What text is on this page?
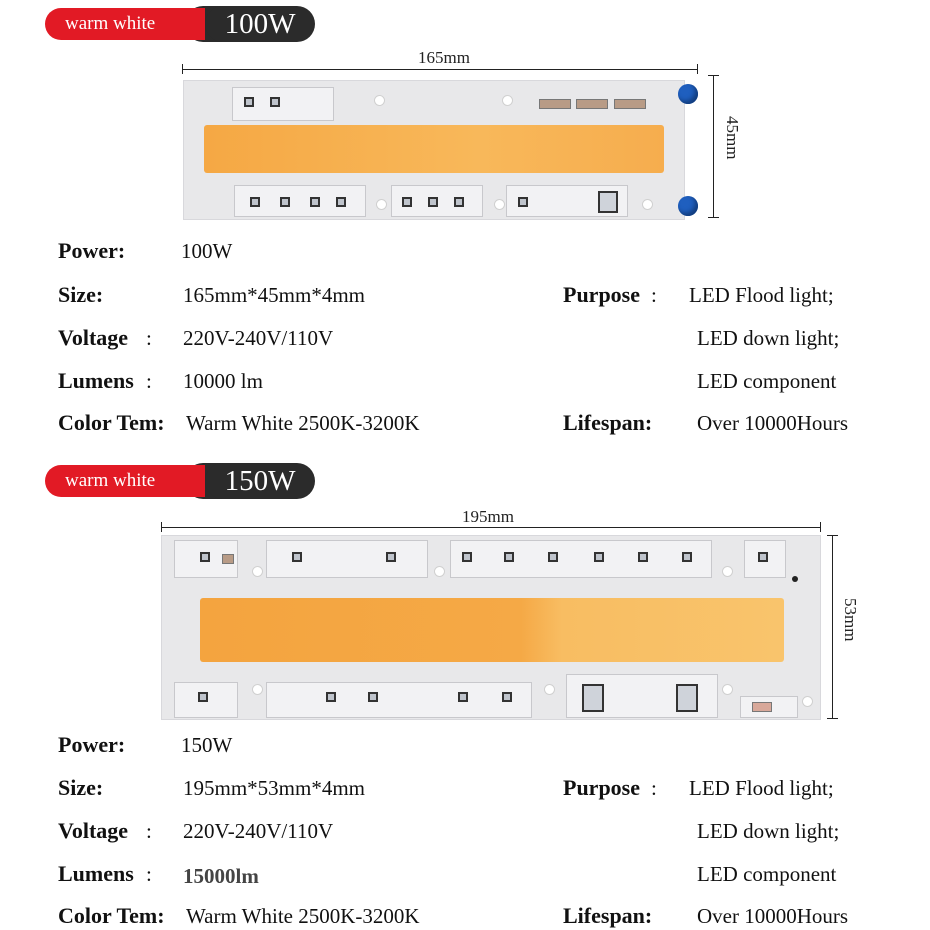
warm white	100W
165mm
45mm
Power:	100W
Size:	165mm*45mm*4mm
Voltage : 220V-240V/110V
Lumens : 10000 lm
Color Tem: Warm White 2500K-3200K
Purpose : LED Flood light;
LED down light;
LED component
Lifespan: Over 10000Hours
warm white	150W
195mm
53mm
Power:	150W
Size:	195mm*53mm*4mm
Voltage : 220V-240V/110V
Lumens : 15000lm
Color Tem: Warm White 2500K-3200K
Purpose : LED Flood light;
LED down light;
LED component
Lifespan: Over 10000Hours
